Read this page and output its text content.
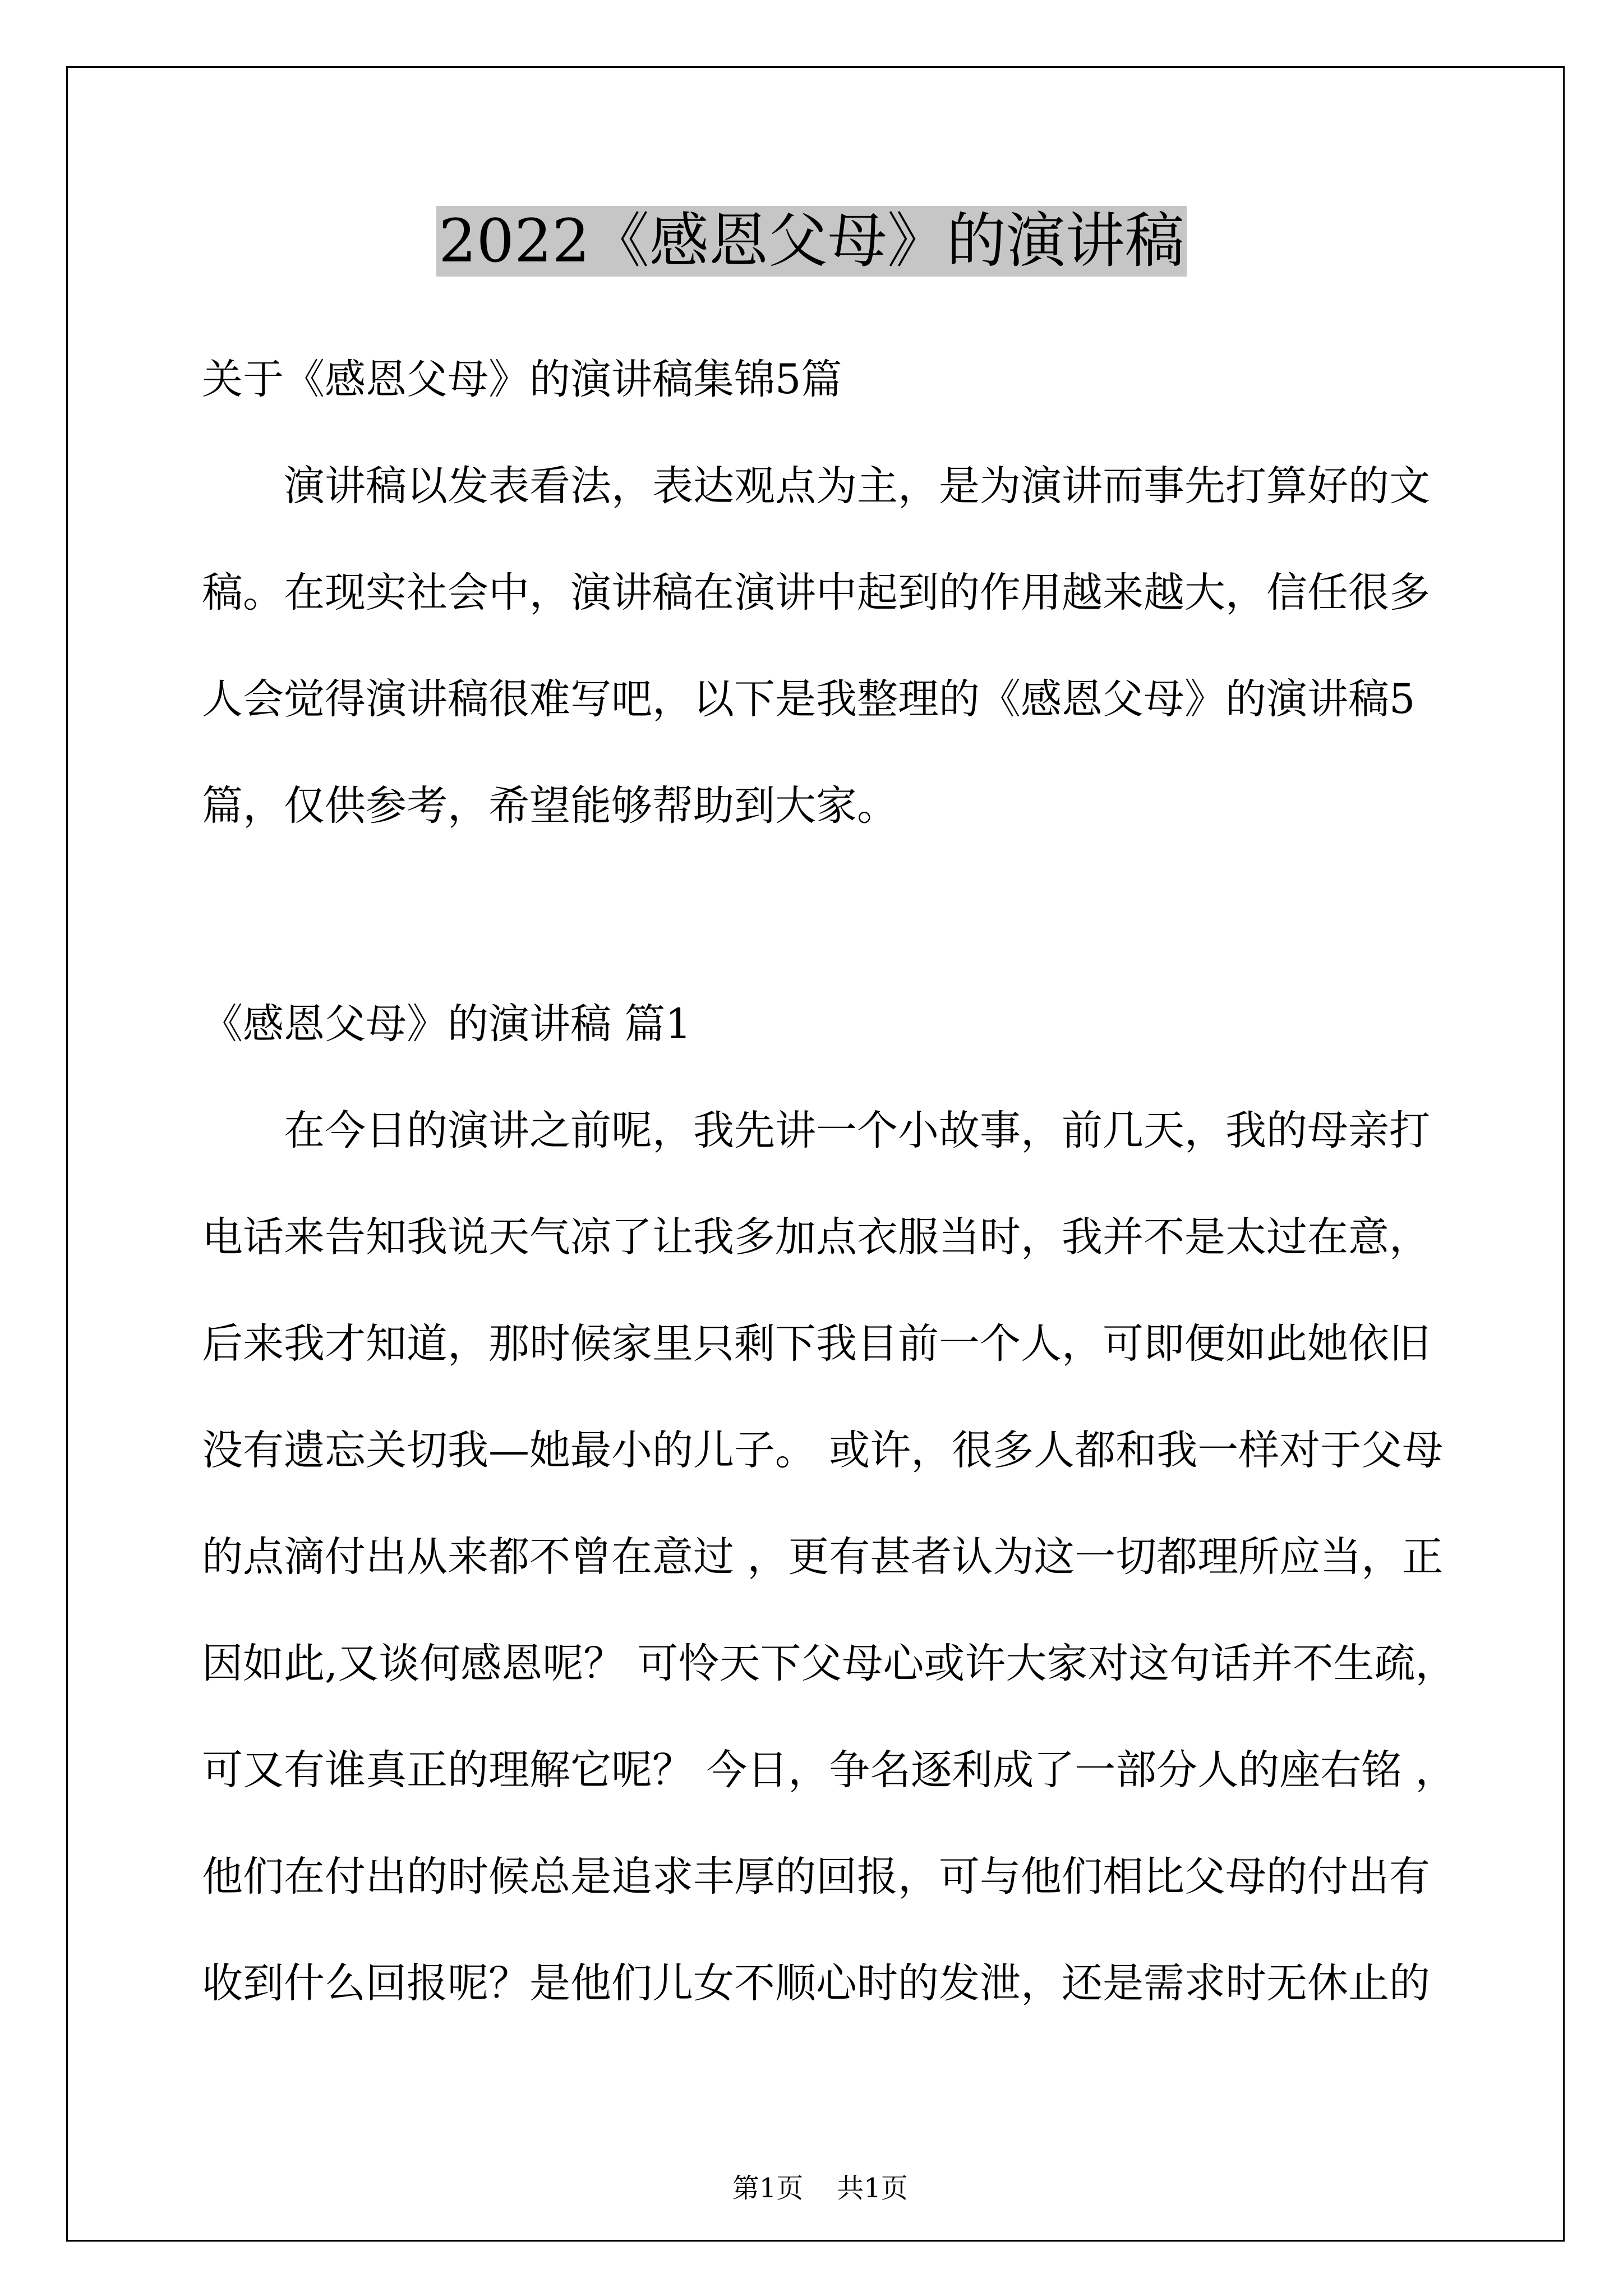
2022《感恩父母》的演讲稿
关于《感恩父母》的演讲稿集锦5篇
演讲稿以发表看法，表达观点为主，是为演讲而事先打算好的文
稿。在现实社会中，演讲稿在演讲中起到的作用越来越大，信任很多
人会觉得演讲稿很难写吧，以下是我整理的《感恩父母》的演讲稿5
篇，仅供参考，希望能够帮助到大家。
《感恩父母》的演讲稿 篇1
在今日的演讲之前呢，我先讲一个小故事，前几天，我的母亲打
电话来告知我说天气凉了让我多加点衣服当时，我并不是太过在意，
后来我才知道，那时候家里只剩下我目前一个人，可即便如此她依旧
没有遗忘关切我—她最小的儿子。 或许，很多人都和我一样对于父母
的点滴付出从来都不曾在意过 ，更有甚者认为这一切都理所应当，正
因如此,又谈何感恩呢？ 可怜天下父母心或许大家对这句话并不生疏，
可又有谁真正的理解它呢？ 今日，争名逐利成了一部分人的座右铭 ，
他们在付出的时候总是追求丰厚的回报，可与他们相比父母的付出有
收到什么回报呢？是他们儿女不顺心时的发泄，还是需求时无休止的

第1页 共1页
